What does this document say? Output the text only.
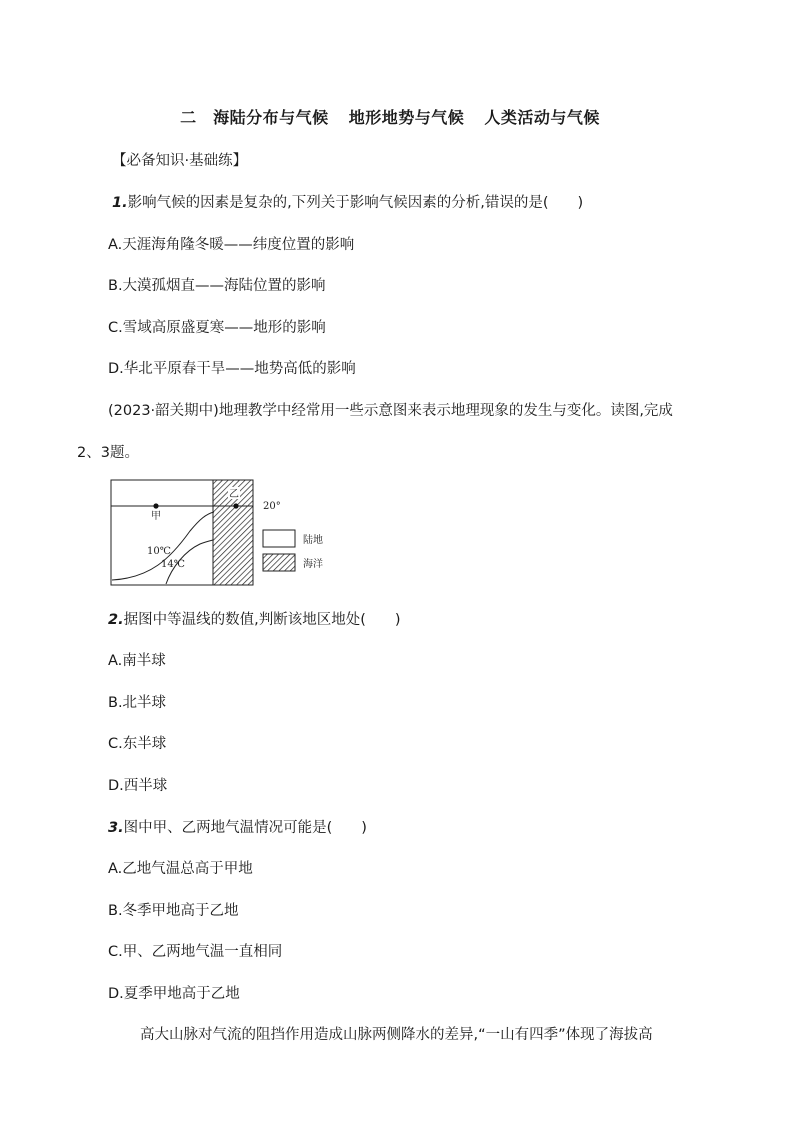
二　海陆分布与气候 地形地势与气候 人类活动与气候
【必备知识·基础练】
1.影响气候的因素是复杂的,下列关于影响气候因素的分析,错误的是(　　)
A.天涯海角隆冬暖——纬度位置的影响
B.大漠孤烟直——海陆位置的影响
C.雪域高原盛夏寒——地形的影响
D.华北平原春干旱——地势高低的影响
(2023·韶关期中)地理教学中经常用一些示意图来表示地理现象的发生与变化。读图,完成
2、3题。
甲
乙
20°
10℃
14℃
陆地
海洋
2.据图中等温线的数值,判断该地区地处(　　)
A.南半球
B.北半球
C.东半球
D.西半球
3.图中甲、乙两地气温情况可能是(　　)
A.乙地气温总高于甲地
B.冬季甲地高于乙地
C.甲、乙两地气温一直相同
D.夏季甲地高于乙地
高大山脉对气流的阻挡作用造成山脉两侧降水的差异,“一山有四季”体现了海拔高
